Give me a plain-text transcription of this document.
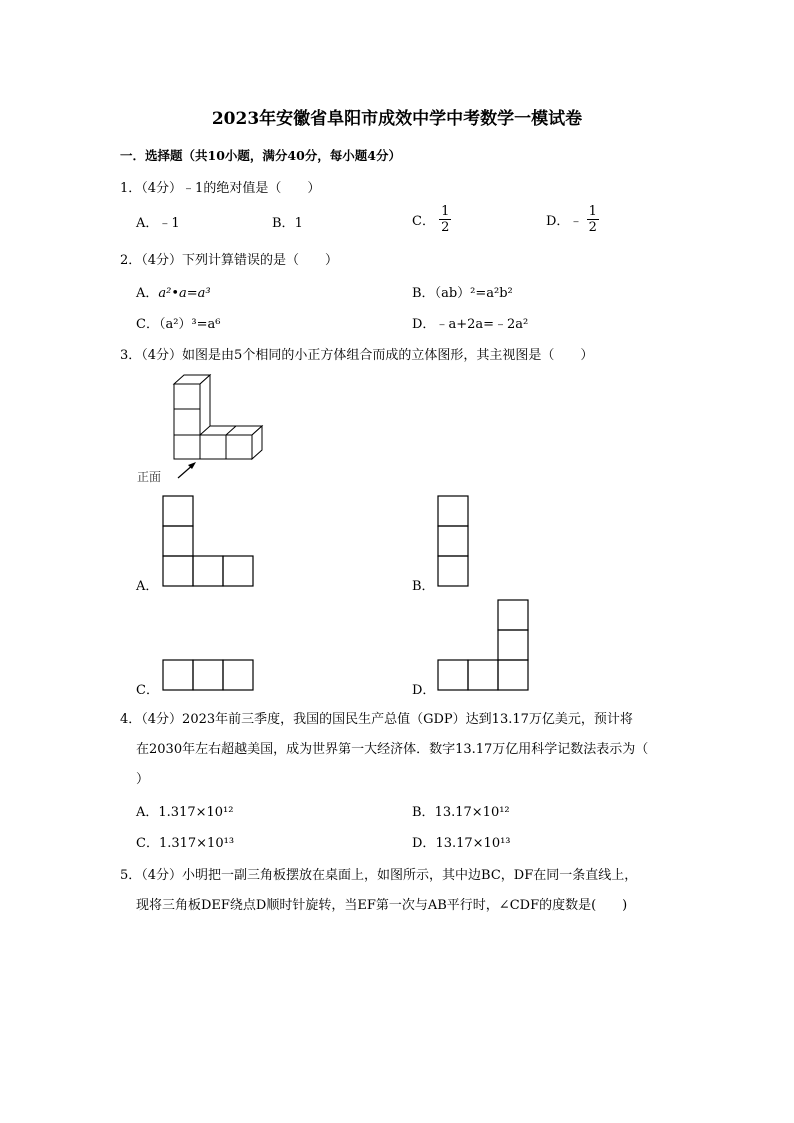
2023年安徽省阜阳市成效中学中考数学一模试卷
一．选择题（共10小题，满分40分，每小题4分）
1．（4分）﹣1的绝对值是（　　）
A．﹣1	B．1	C． $\frac{1}{2}$	D．﹣ $\frac{1}{2}$
2．（4分）下列计算错误的是（　　）
A．a²•a=a³	B．（ab）²=a²b²
C．（a²）³=a⁶	D．﹣a+2a=﹣2a²
3．（4分）如图是由5个相同的小正方体组合而成的立体图形，其主视图是（　　）
正面
A．	B．
C．	D．
4．（4分）2023年前三季度，我国的国民生产总值（GDP）达到13.17万亿美元，预计将
在2030年左右超越美国，成为世界第一大经济体．数字13.17万亿用科学记数法表示为（
）
A．1.317×10¹²	B．13.17×10¹²
C．1.317×10¹³	D．13.17×10¹³
5．（4分）小明把一副三角板摆放在桌面上，如图所示，其中边BC，DF在同一条直线上，
现将三角板DEF绕点D顺时针旋转，当EF第一次与AB平行时，∠CDF的度数是(　　)
